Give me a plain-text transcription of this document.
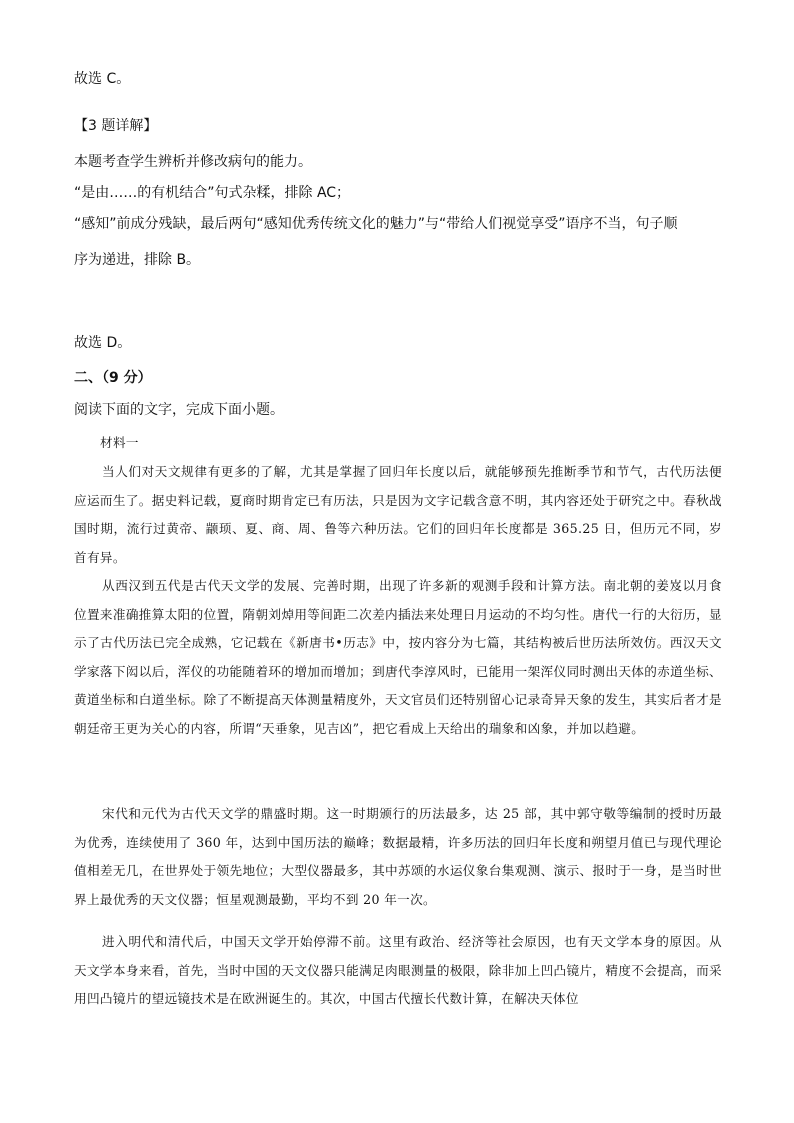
故选 C。
【3 题详解】
本题考查学生辨析并修改病句的能力。
“是由……的有机结合”句式杂糅，排除 AC；
“感知”前成分残缺，最后两句“感知优秀传统文化的魅力”与“带给人们视觉享受”语序不当，句子顺
序为递进，排除 B。
故选 D。
二、（9 分）
阅读下面的文字，完成下面小题。
材料一
当人们对天文规律有更多的了解，尤其是掌握了回归年长度以后，就能够预先推断季节和节气，古代历法便应运而生了。据史料记载，夏商时期肯定已有历法，只是因为文字记载含意不明，其内容还处于研究之中。春秋战国时期，流行过黄帝、颛顼、夏、商、周、鲁等六种历法。它们的回归年长度都是 365.25 日，但历元不同，岁首有异。
从西汉到五代是古代天文学的发展、完善时期，出现了许多新的观测手段和计算方法。南北朝的姜岌以月食位置来准确推算太阳的位置，隋朝刘焯用等间距二次差内插法来处理日月运动的不均匀性。唐代一行的大衍历，显示了古代历法已完全成熟，它记载在《新唐书•历志》中，按内容分为七篇，其结构被后世历法所效仿。西汉天文学家落下闳以后，浑仪的功能随着环的增加而增加；到唐代李淳风时，已能用一架浑仪同时测出天体的赤道坐标、黄道坐标和白道坐标。除了不断提高天体测量精度外，天文官员们还特别留心记录奇异天象的发生，其实后者才是朝廷帝王更为关心的内容，所谓“天垂象，见吉凶”，把它看成上天给出的瑞象和凶象，并加以趋避。
宋代和元代为古代天文学的鼎盛时期。这一时期颁行的历法最多，达 25 部，其中郭守敬等编制的授时历最为优秀，连续使用了 360 年，达到中国历法的巅峰；数据最精，许多历法的回归年长度和朔望月值已与现代理论值相差无几，在世界处于领先地位；大型仪器最多，其中苏颂的水运仪象台集观测、演示、报时于一身，是当时世界上最优秀的天文仪器；恒星观测最勤，平均不到 20 年一次。
进入明代和清代后，中国天文学开始停滞不前。这里有政治、经济等社会原因，也有天文学本身的原因。从天文学本身来看，首先，当时中国的天文仪器只能满足肉眼测量的极限，除非加上凹凸镜片，精度不会提高，而采用凹凸镜片的望远镜技术是在欧洲诞生的。其次，中国古代擅长代数计算，在解决天体位
